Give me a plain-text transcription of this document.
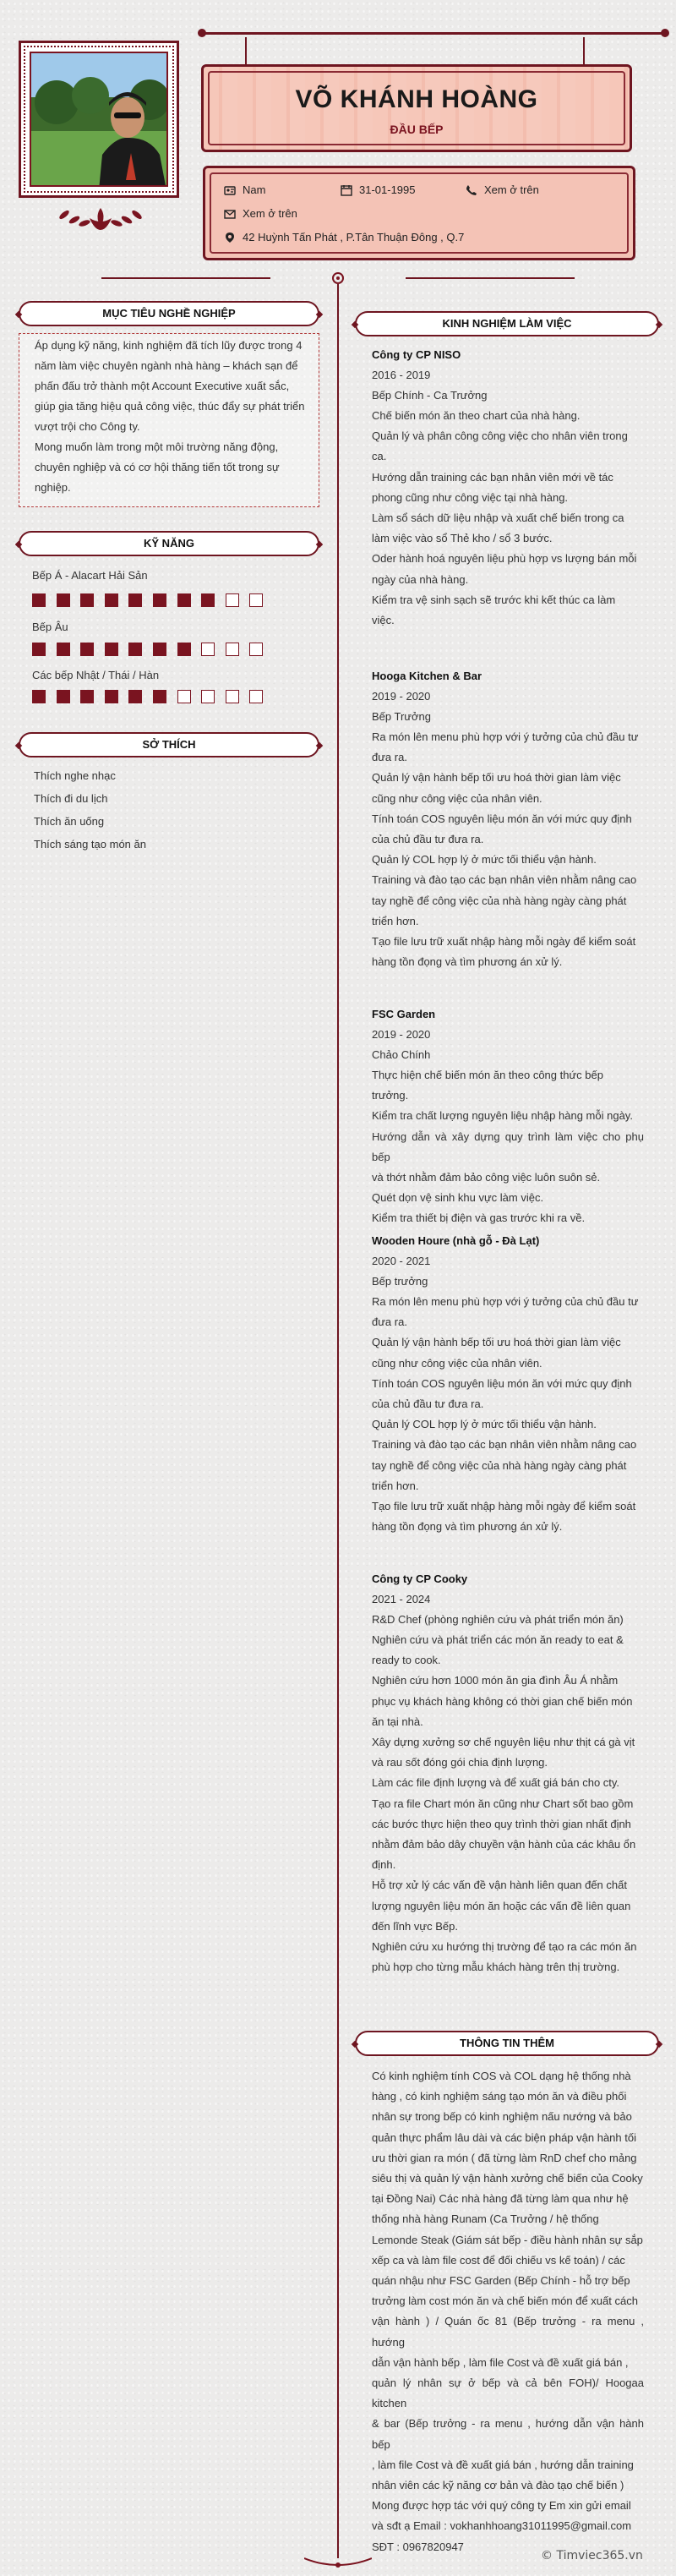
VÕ KHÁNH HOÀNG
ĐẦU BẾP
Nam	31-01-1995	Xem ở trên
Xem ở trên
42 Huỳnh Tấn Phát , P.Tân Thuận Đông , Q.7
MỤC TIÊU NGHỀ NGHIỆP
Áp dụng kỹ năng, kinh nghiệm đã tích lũy được trong 4
năm làm việc chuyên ngành nhà hàng – khách sạn để
phấn đấu trở thành một Account Executive xuất sắc,
giúp gia tăng hiệu quả công việc, thúc đẩy sự phát triển
vượt trội cho Công ty.
Mong muốn làm trong một môi trường năng động,
chuyên nghiệp và có cơ hội thăng tiến tốt trong sự
nghiệp.
KỸ NĂNG
Bếp Á - Alacart Hải Sản
Bếp Âu
Các bếp Nhật / Thái / Hàn
SỞ THÍCH
Thích nghe nhạc
Thích đi du lịch
Thích ăn uống
Thích sáng tạo món ăn
KINH NGHIỆM LÀM VIỆC
Công ty CP NISO
2016 - 2019
Bếp Chính - Ca Trưởng
Chế biến món ăn theo chart của nhà hàng.
Quản lý và phân công công việc cho nhân viên trong
ca.
Hướng dẫn training các bạn nhân viên mới về tác
phong cũng như công việc tại nhà hàng.
Làm sổ sách dữ liệu nhập và xuất chế biến trong ca
làm việc vào sổ Thẻ kho / sổ 3 bước.
Oder hành hoá nguyên liệu phù hợp vs lượng bán mỗi
ngày của nhà hàng.
Kiểm tra vệ sinh sạch sẽ trước khi kết thúc ca làm
việc.
Hooga Kitchen & Bar
2019 - 2020
Bếp Trưởng
Ra món lên menu phù hợp với ý tưởng của chủ đầu tư
đưa ra.
Quản lý vận hành bếp tối ưu hoá thời gian làm việc
cũng như công việc của nhân viên.
Tính toán COS nguyên liệu món ăn với mức quy định
của chủ đầu tư đưa ra.
Quản lý COL hợp lý ở mức tối thiểu vận hành.
Training và đào tạo các bạn nhân viên nhằm nâng cao
tay nghề để công việc của nhà hàng ngày càng phát
triển hơn.
Tạo file lưu trữ xuất nhập hàng mỗi ngày để kiểm soát
hàng tồn đọng và tìm phương án xử lý.
FSC Garden
2019 - 2020
Chảo Chính
Thực hiện chế biến món ăn theo công thức bếp
trưởng.
Kiểm tra chất lượng nguyên liệu nhập hàng mỗi ngày.
Hướng dẫn và xây dựng quy trình làm việc cho phụ bếp
và thớt nhằm đảm bảo công việc luôn suôn sẻ.
Quét dọn vệ sinh khu vực làm việc.
Kiểm tra thiết bị điện và gas trước khi ra về.
Wooden Houre (nhà gỗ - Đà Lạt)
2020 - 2021
Bếp trưởng
Ra món lên menu phù hợp với ý tưởng của chủ đầu tư
đưa ra.
Quản lý vận hành bếp tối ưu hoá thời gian làm việc
cũng như công việc của nhân viên.
Tính toán COS nguyên liệu món ăn với mức quy định
của chủ đầu tư đưa ra.
Quản lý COL hợp lý ở mức tối thiểu vận hành.
Training và đào tạo các bạn nhân viên nhằm nâng cao
tay nghề để công việc của nhà hàng ngày càng phát
triển hơn.
Tạo file lưu trữ xuất nhập hàng mỗi ngày để kiểm soát
hàng tồn đọng và tìm phương án xử lý.
Công ty CP Cooky
2021 - 2024
R&D Chef (phòng nghiên cứu và phát triển món ăn)
Nghiên cứu và phát triển các món ăn ready to eat &
ready to cook.
Nghiên cứu hơn 1000 món ăn gia đình Âu Á nhằm
phục vụ khách hàng không có thời gian chế biến món
ăn tại nhà.
Xây dựng xưởng sơ chế nguyên liệu như thịt cá gà vịt
và rau sốt đóng gói chia định lượng.
Làm các file định lượng và để xuất giá bán cho cty.
Tạo ra file Chart món ăn cũng như Chart sốt bao gồm
các bước thực hiện theo quy trình thời gian nhất định
nhằm đảm bảo dây chuyền vận hành của các khâu ổn
định.
Hỗ trợ xử lý các vấn đề vận hành liên quan đến chất
lượng nguyên liệu món ăn hoặc các vấn đề liên quan
đến lĩnh vực Bếp.
Nghiên cứu xu hướng thị trường để tạo ra các món ăn
phù hợp cho từng mẫu khách hàng trên thị trường.
THÔNG TIN THÊM
Có kinh nghiệm tính COS và COL dạng hệ thống nhà
hàng , có kinh nghiệm sáng tạo món ăn và điều phối
nhân sự trong bếp có kinh nghiệm nấu nướng và bảo
quản thực phẩm lâu dài và các biện pháp vận hành tối
ưu thời gian ra món ( đã từng làm RnD chef cho mảng
siêu thị và quản lý vận hành xưởng chế biến của Cooky
tại Đồng Nai) Các nhà hàng đã từng làm qua như hệ
thống nhà hàng Runam (Ca Trưởng / hệ thống
Lemonde Steak (Giám sát bếp - điều hành nhân sự sắp
xếp ca và làm file cost để đối chiếu vs kế toán) / các
quán nhậu như FSC Garden (Bếp Chính - hỗ trợ bếp
trưởng làm cost món ăn và chế biến món để xuất cách
vận hành ) / Quán ốc 81 (Bếp trưởng - ra menu , hướng
dẫn vận hành bếp , làm file Cost và đề xuất giá bán ,
quản lý nhân sự ở bếp và cả bên FOH)/ Hoogaa kitchen
& bar (Bếp trưởng - ra menu , hướng dẫn vận hành bếp
, làm file Cost và đề xuất giá bán , hướng dẫn training
nhân viên các kỹ năng cơ bản và đào tạo chế biến )
Mong được hợp tác với quý công ty Em xin gửi email
và sđt ạ Email : vokhanhhoang31011995@gmail.com
SĐT : 0967820947
© Timviec365.vn
